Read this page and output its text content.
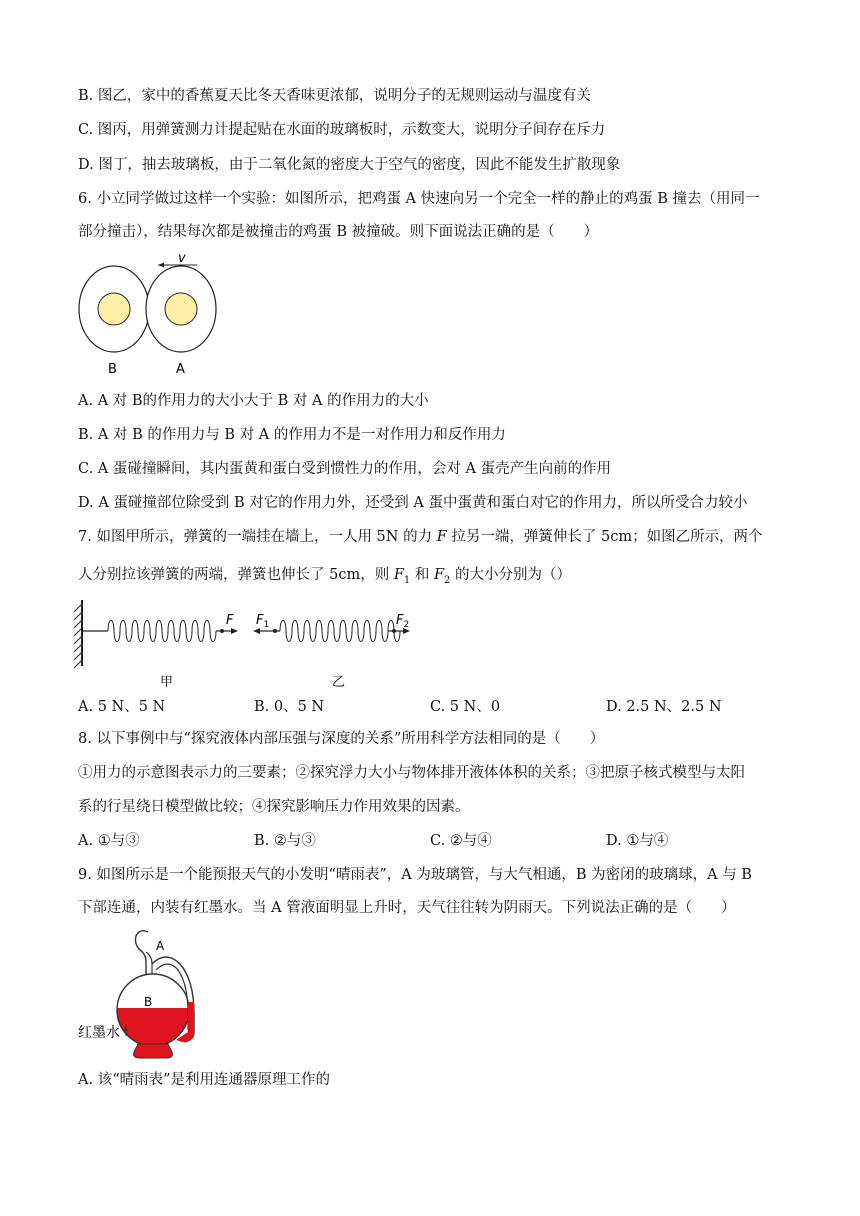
B. 图乙，家中的香蕉夏天比冬天香味更浓郁，说明分子的无规则运动与温度有关
C. 图丙，用弹簧测力计提起贴在水面的玻璃板时，示数变大，说明分子间存在斥力
D. 图丁，抽去玻璃板，由于二氧化氮的密度大于空气的密度，因此不能发生扩散现象
6. 小立同学做过这样一个实验：如图所示，把鸡蛋 A 快速向另一个完全一样的静止的鸡蛋 B 撞去（用同一
部分撞击），结果每次都是被撞击的鸡蛋 B 被撞破。则下面说法正确的是（　　）
v
B	A
A. A 对 B的作用力的大小大于 B 对 A 的作用力的大小
B. A 对 B 的作用力与 B 对 A 的作用力不是一对作用力和反作用力
C. A 蛋碰撞瞬间，其内蛋黄和蛋白受到惯性力的作用，会对 A 蛋壳产生向前的作用
D. A 蛋碰撞部位除受到 B 对它的作用力外，还受到 A 蛋中蛋黄和蛋白对它的作用力，所以所受合力较小
7. 如图甲所示，弹簧的一端挂在墙上，一人用 5N 的力 F 拉另一端，弹簧伸长了 5cm；如图乙所示，两个
人分别拉该弹簧的两端，弹簧也伸长了 5cm，则 $F_1$ 和 $F_2$ 的大小分别为（）
F
甲
$F_1$	$F_2$
乙
A. 5 N、5 N	B. 0、5 N	C. 5 N、0	D. 2.5 N、2.5 N
8. 以下事例中与“探究液体内部压强与深度的关系”所用科学方法相同的是（　　）
①用力的示意图表示力的三要素；②探究浮力大小与物体排开液体体积的关系；③把原子核式模型与太阳
系的行星绕日模型做比较；④探究影响压力作用效果的因素。
A. ①与③	B. ②与③	C. ②与④	D. ①与④
9. 如图所示是一个能预报天气的小发明“晴雨表”，A 为玻璃管，与大气相通，B 为密闭的玻璃球，A 与 B
下部连通，内装有红墨水。当 A 管液面明显上升时，天气往往转为阴雨天。下列说法正确的是（　　）
A
B
红墨水
A. 该“晴雨表”是利用连通器原理工作的
